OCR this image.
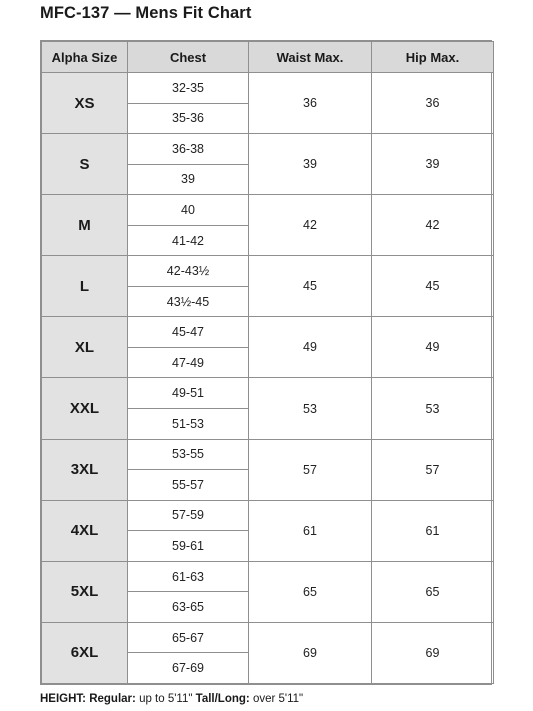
MFC-137 — Mens Fit Chart
Alpha Size	Chest	Waist Max.	Hip Max.
XS	32-35	36	36
	35-36		
S	36-38	39	39
	39		
M	40	42	42
	41-42		
L	42-43½	45	45
	43½-45		
XL	45-47	49	49
	47-49		
XXL	49-51	53	53
	51-53		
3XL	53-55	57	57
	55-57		
4XL	57-59	61	61
	59-61		
5XL	61-63	65	65
	63-65		
6XL	65-67	69	69
	67-69		
HEIGHT: Regular: up to 5'11" Tall/Long: over 5'11"
